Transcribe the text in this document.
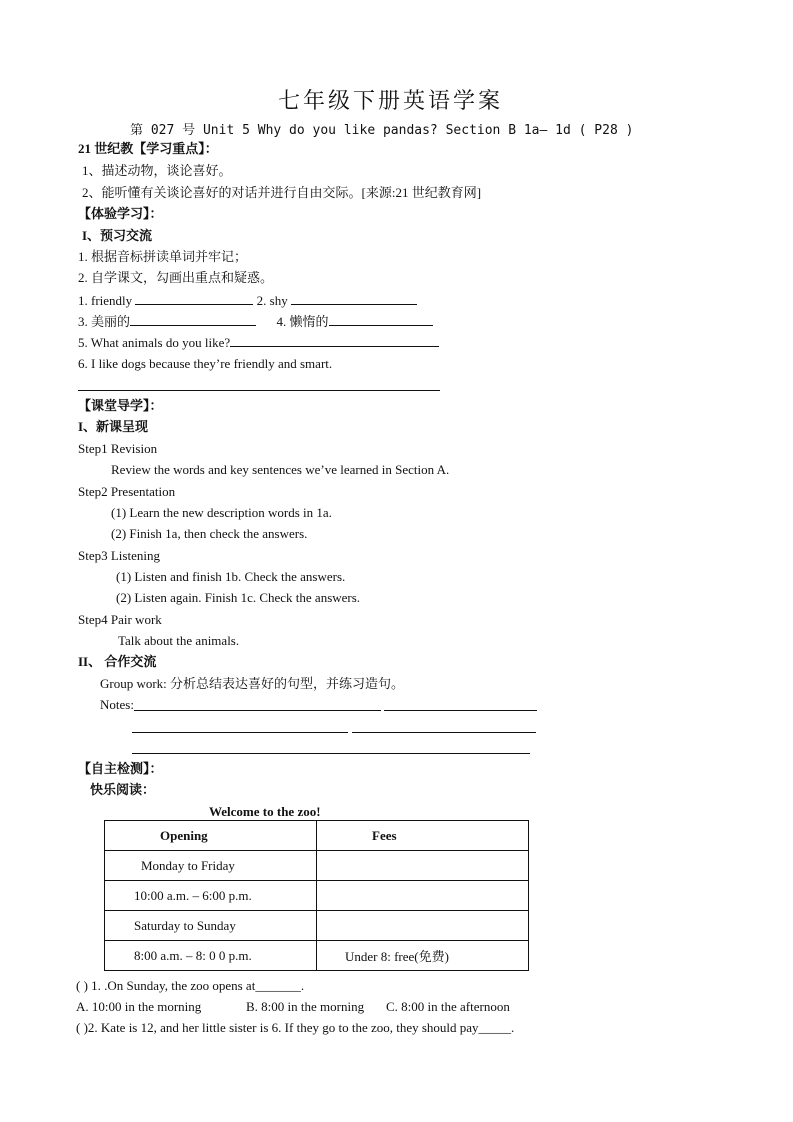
七年级下册英语学案
第 027 号 Unit 5 Why do you like pandas? Section B 1a— 1d ( P28 )
21 世纪教【学习重点】：
1、描述动物，谈论喜好。
2、能听懂有关谈论喜好的对话并进行自由交际。[来源:21 世纪教育网]
【体验学习】：
I、预习交流
1. 根据音标拼读单词并牢记；
2. 自学课文，勾画出重点和疑惑。
1. friendly	2. shy
3. 美丽的	4. 懒惰的
5. What animals do you like?
6. I like dogs because they’re friendly and smart.
【课堂导学】：
I、新课呈现
Step1 Revision
Review the words and key sentences we’ve learned in Section A.
Step2 Presentation
(1) Learn the new description words in 1a.
(2) Finish 1a, then check the answers.
Step3 Listening
(1) Listen and finish 1b. Check the answers.
(2) Listen again. Finish 1c. Check the answers.
Step4 Pair work
Talk about the animals.
II、 合作交流
Group work: 分析总结表达喜好的句型，并练习造句。
Notes:
【自主检测】：
快乐阅读：
Welcome to the zoo!
Opening	Fees
Monday to Friday	
10:00 a.m. – 6:00 p.m.	
Saturday to Sunday	
8:00 a.m. – 8: 0 0 p.m.	Under 8: free(免费)
( ) 1. .On Sunday, the zoo opens at_______.
A. 10:00 in the morning	B. 8:00 in the morning C. 8:00 in the afternoon
( )2. Kate is 12, and her little sister is 6. If they go to the zoo, they should pay_____.
